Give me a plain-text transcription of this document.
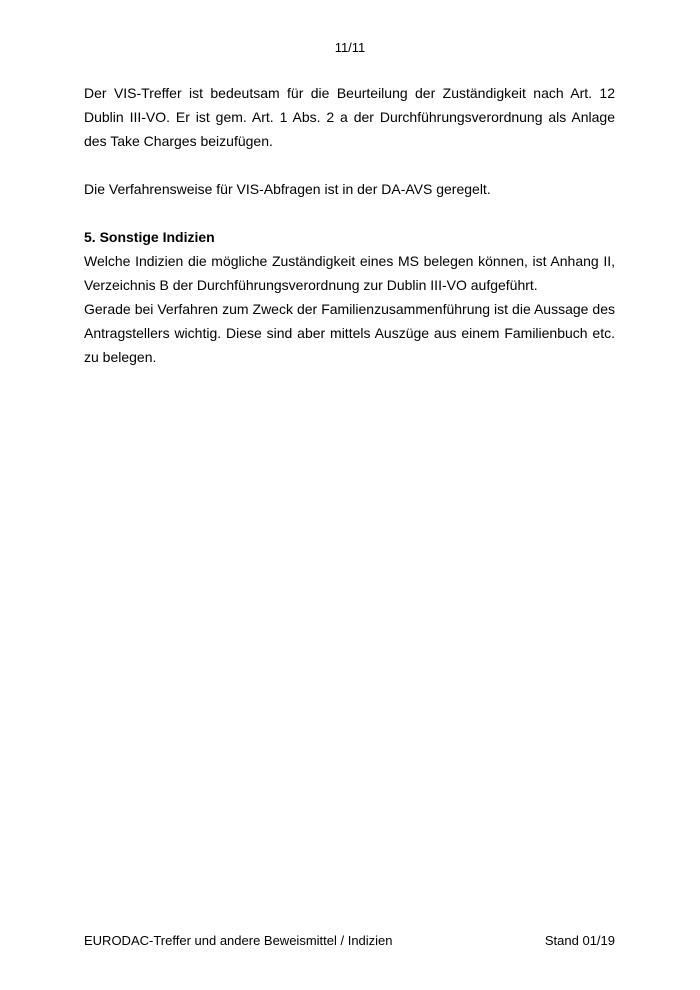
11/11

Der VIS-Treffer ist bedeutsam für die Beurteilung der Zuständigkeit nach Art. 12 Dublin III-VO. Er ist gem. Art. 1 Abs. 2 a der Durchführungsverordnung als Anlage des Take Charges beizufügen.

Die Verfahrensweise für VIS-Abfragen ist in der DA-AVS geregelt.

5. Sonstige Indizien

Welche Indizien die mögliche Zuständigkeit eines MS belegen können, ist Anhang II, Verzeichnis B der Durchführungsverordnung zur Dublin III-VO aufgeführt.

Gerade bei Verfahren zum Zweck der Familienzusammenführung ist die Aussage des Antragstellers wichtig. Diese sind aber mittels Auszüge aus einem Familienbuch etc. zu belegen.

EURODAC-Treffer und andere Beweismittel / Indizien	Stand 01/19
